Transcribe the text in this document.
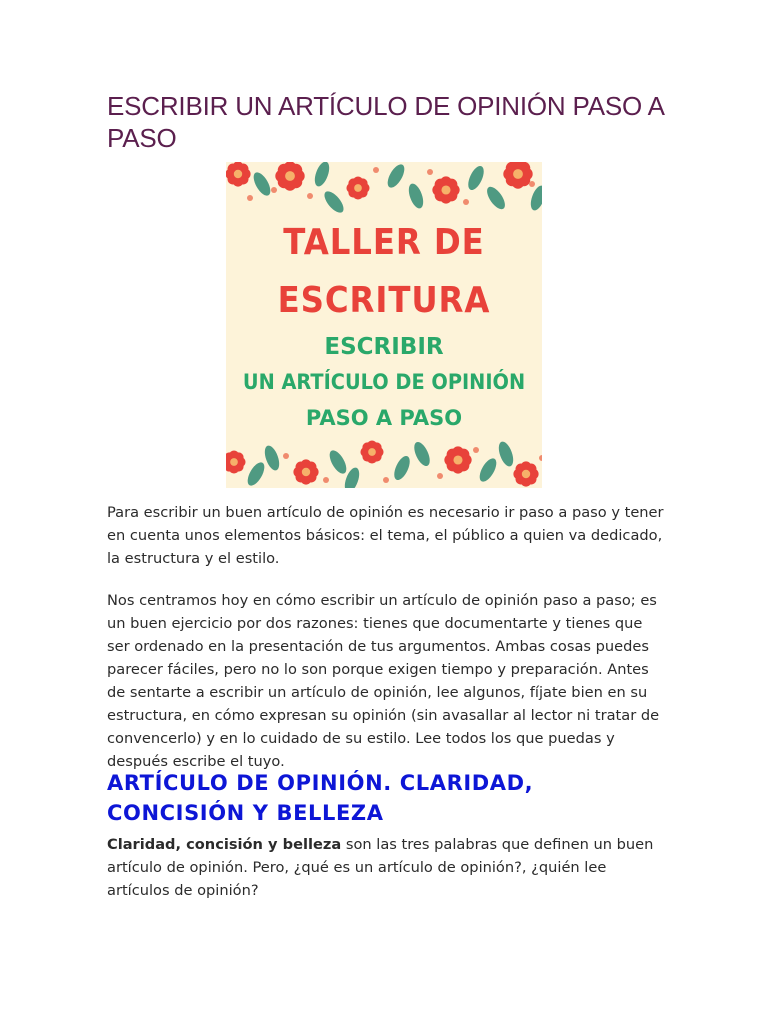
ESCRIBIR UN ARTÍCULO DE OPINIÓN PASO A PASO
TALLER DE
ESCRITURA
ESCRIBIR
UN ARTÍCULO DE OPINIÓN
PASO A PASO

Para escribir un buen artículo de opinión es necesario ir paso a paso y tener en cuenta unos elementos básicos: el tema, el público a quien va dedicado, la estructura y el estilo.

Nos centramos hoy en cómo escribir un artículo de opinión paso a paso; es un buen ejercicio por dos razones: tienes que documentarte y tienes que ser ordenado en la presentación de tus argumentos. Ambas cosas puedes parecer fáciles, pero no lo son porque exigen tiempo y preparación. Antes de sentarte a escribir un artículo de opinión, lee algunos, fíjate bien en su estructura, en cómo expresan su opinión (sin avasallar al lector ni tratar de convencerlo) y en lo cuidado de su estilo. Lee todos los que puedas y después escribe el tuyo.

ARTÍCULO DE OPINIÓN. CLARIDAD, CONCISIÓN Y BELLEZA

Claridad, concisión y belleza son las tres palabras que definen un buen artículo de opinión. Pero, ¿qué es un artículo de opinión?, ¿quién lee artículos de opinión?
